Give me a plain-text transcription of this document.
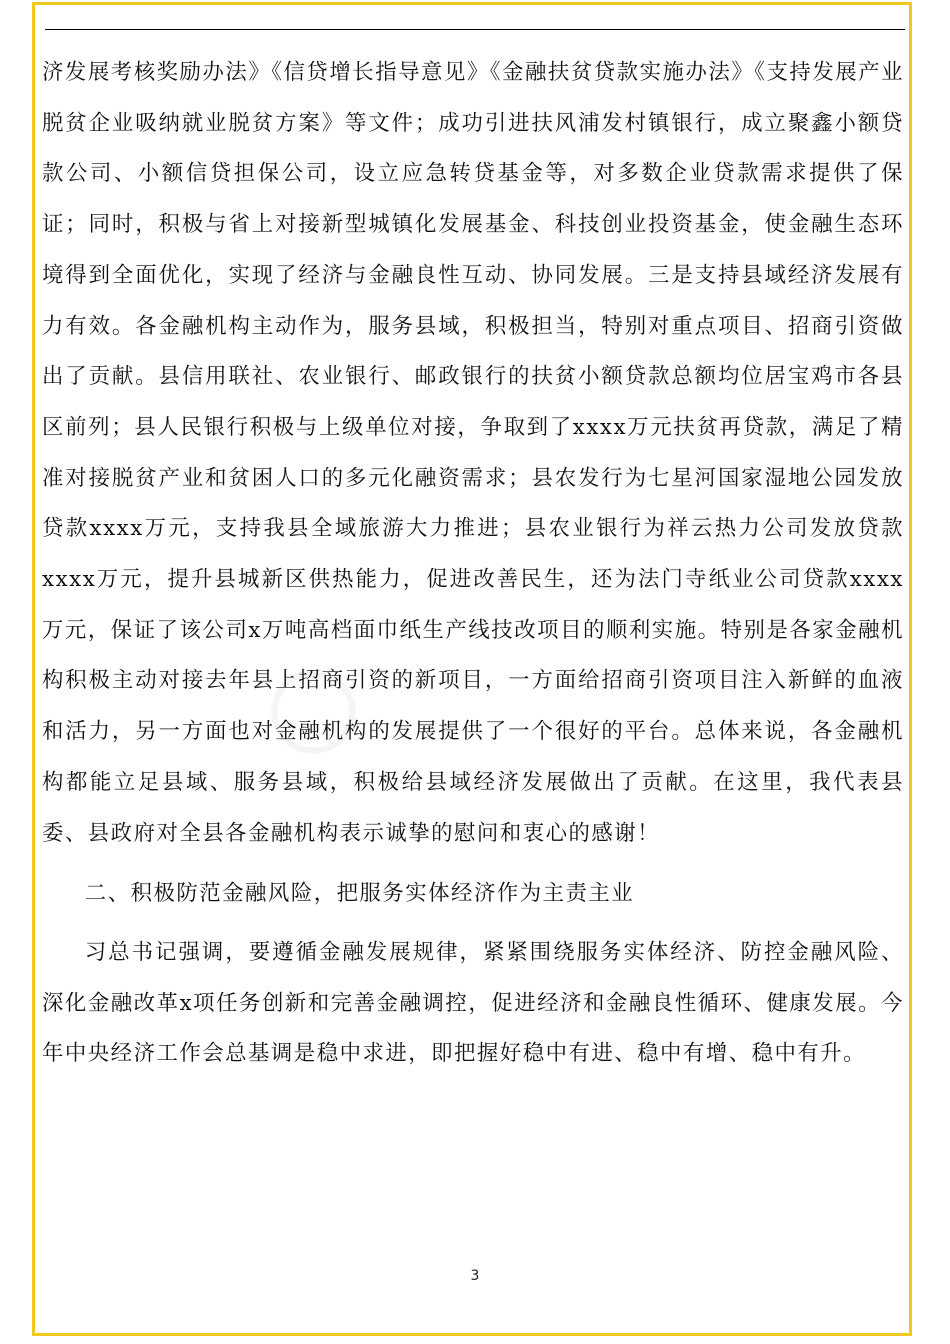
济发展考核奖励办法》《信贷增长指导意见》《金融扶贫贷款实施办法》《支持发展产业脱贫企业吸纳就业脱贫方案》等文件；成功引进扶风浦发村镇银行，成立聚鑫小额贷款公司、小额信贷担保公司，设立应急转贷基金等，对多数企业贷款需求提供了保证；同时，积极与省上对接新型城镇化发展基金、科技创业投资基金，使金融生态环境得到全面优化，实现了经济与金融良性互动、协同发展。三是支持县域经济发展有力有效。各金融机构主动作为，服务县域，积极担当，特别对重点项目、招商引资做出了贡献。县信用联社、农业银行、邮政银行的扶贫小额贷款总额均位居宝鸡市各县区前列；县人民银行积极与上级单位对接，争取到了xxxx万元扶贫再贷款，满足了精准对接脱贫产业和贫困人口的多元化融资需求；县农发行为七星河国家湿地公园发放贷款xxxx万元，支持我县全域旅游大力推进；县农业银行为祥云热力公司发放贷款xxxx万元，提升县城新区供热能力，促进改善民生，还为法门寺纸业公司贷款xxxx万元，保证了该公司x万吨高档面巾纸生产线技改项目的顺利实施。特别是各家金融机构积极主动对接去年县上招商引资的新项目，一方面给招商引资项目注入新鲜的血液和活力，另一方面也对金融机构的发展提供了一个很好的平台。总体来说，各金融机构都能立足县域、服务县域，积极给县域经济发展做出了贡献。在这里，我代表县委、县政府对全县各金融机构表示诚挚的慰问和衷心的感谢！

二、积极防范金融风险，把服务实体经济作为主责主业

习总书记强调，要遵循金融发展规律，紧紧围绕服务实体经济、防控金融风险、深化金融改革x项任务创新和完善金融调控，促进经济和金融良性循环、健康发展。今年中央经济工作会总基调是稳中求进，即把握好稳中有进、稳中有增、稳中有升。

3
